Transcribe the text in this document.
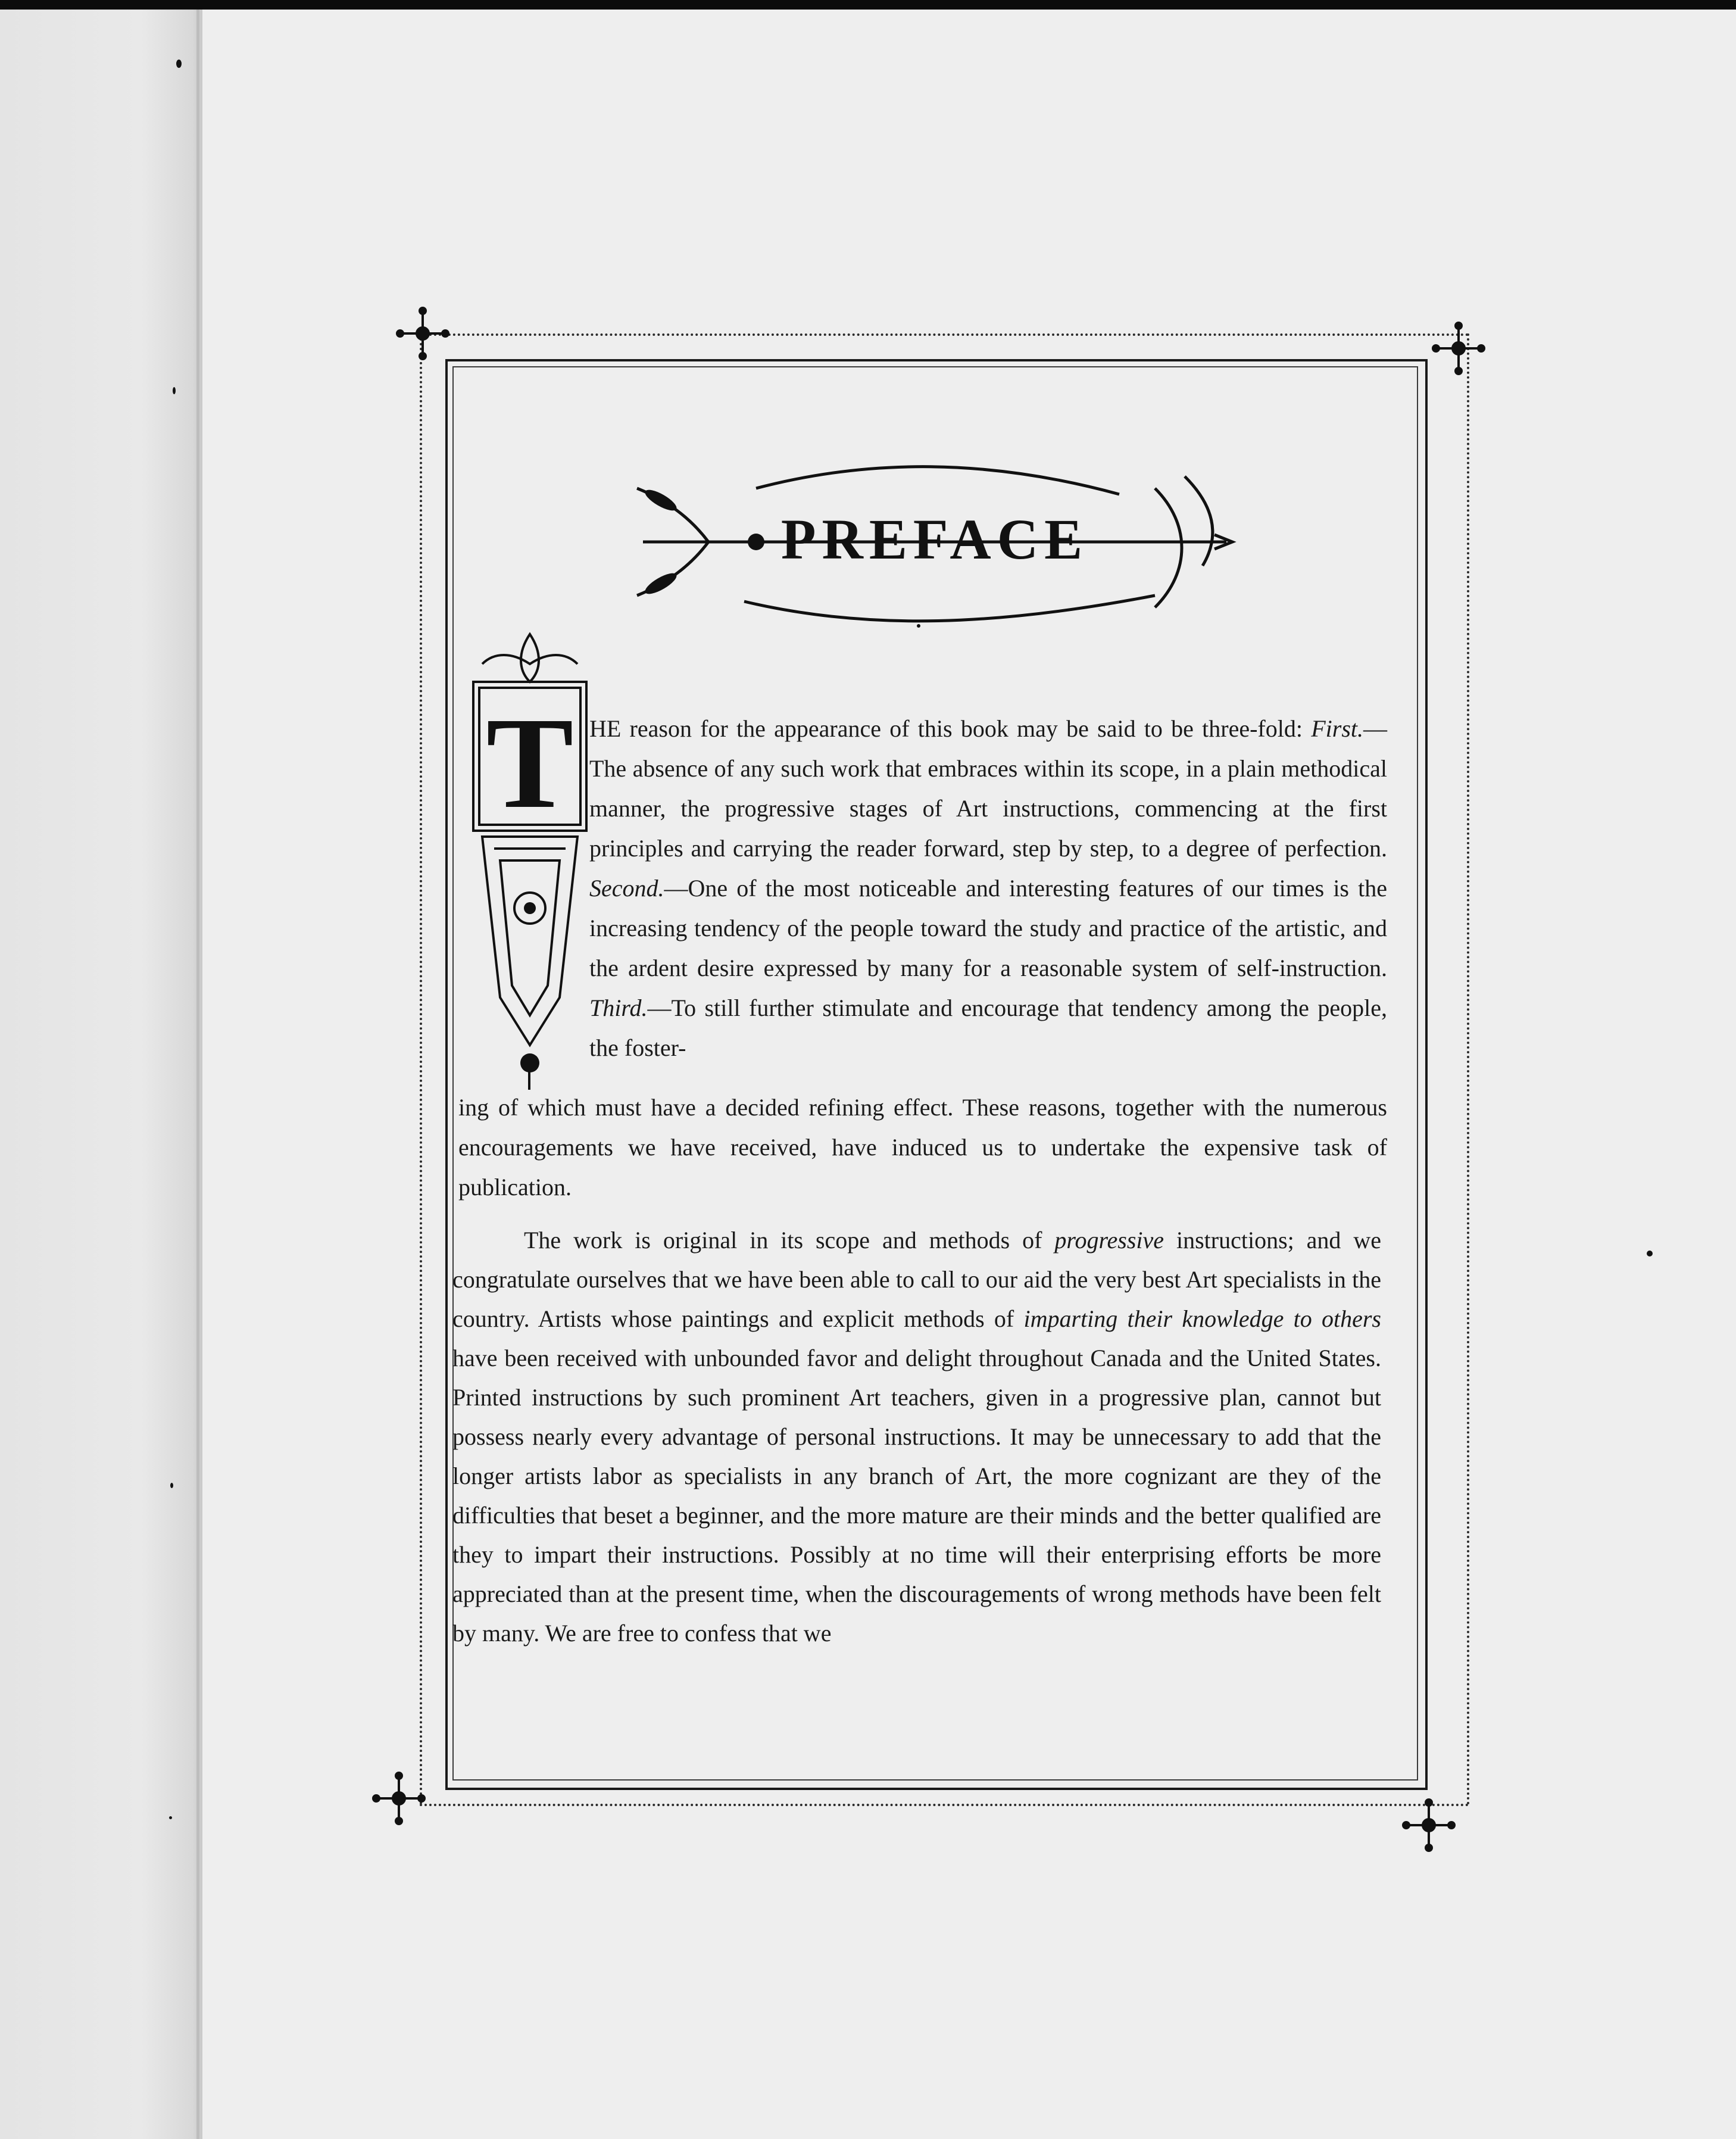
PREFACE
T HE reason for the appearance of this book may be said to be three-fold: First.—The absence of any such work that embraces within its scope, in a plain methodical manner, the progressive stages of Art instructions, commencing at the first principles and carrying the reader forward, step by step, to a degree of perfection. Second.—One of the most noticeable and interesting features of our times is the increasing tendency of the people toward the study and practice of the artistic, and the ardent desire expressed by many for a reasonable system of self-instruction. Third.—To still further stimulate and encourage that tendency among the people, the foster-
ing of which must have a decided refining effect. These reasons, together with the numerous encouragements we have received, have induced us to undertake the expensive task of publication.
The work is original in its scope and methods of progressive instructions; and we congratulate ourselves that we have been able to call to our aid the very best Art specialists in the country. Artists whose paintings and explicit methods of imparting their knowledge to others have been received with unbounded favor and delight throughout Canada and the United States. Printed instructions by such prominent Art teachers, given in a progressive plan, cannot but possess nearly every advantage of personal instructions. It may be unnecessary to add that the longer artists labor as specialists in any branch of Art, the more cognizant are they of the difficulties that beset a beginner, and the more mature are their minds and the better qualified are they to impart their instructions. Possibly at no time will their enterprising efforts be more appreciated than at the present time, when the discouragements of wrong methods have been felt by many. We are free to confess that we
